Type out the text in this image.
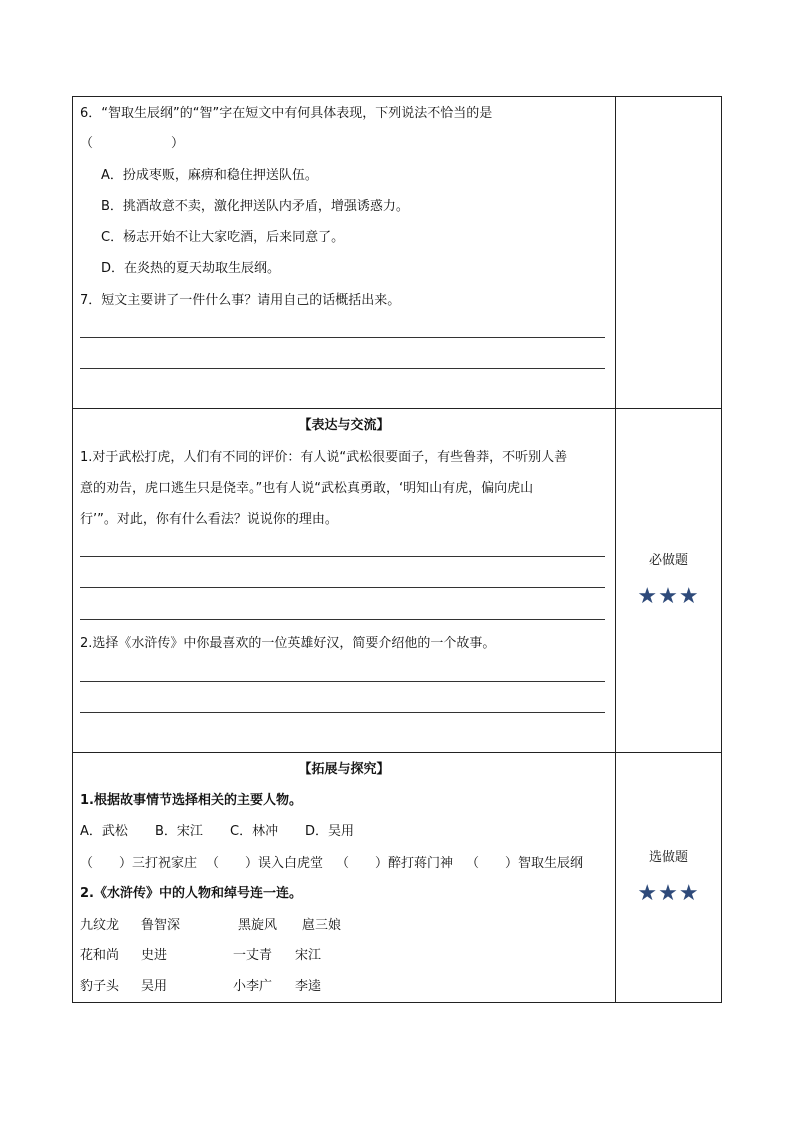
6．“智取生辰纲”的“智”字在短文中有何具体表现，下列说法不恰当的是
（　　　　　　）
A．扮成枣贩，麻痹和稳住押送队伍。
B．挑酒故意不卖，激化押送队内矛盾，增强诱惑力。
C．杨志开始不让大家吃酒，后来同意了。
D．在炎热的夏天劫取生辰纲。
7．短文主要讲了一件什么事？请用自己的话概括出来。
【表达与交流】
1.对于武松打虎，人们有不同的评价：有人说“武松很要面子，有些鲁莽，不听别人善
意的劝告，虎口逃生只是侥幸。”也有人说“武松真勇敢，‘明知山有虎，偏向虎山
行’”。对此，你有什么看法？说说你的理由。
2.选择《水浒传》中你最喜欢的一位英雄好汉，简要介绍他的一个故事。
必做题
★★★
【拓展与探究】
1.根据故事情节选择相关的主要人物。
A．武松 B．宋江 C．林冲 D．吴用
（　　）三打祝家庄 （　　）误入白虎堂 （　　）醉打蒋门神 （　　）智取生辰纲
2.《水浒传》中的人物和绰号连一连。
九纹龙 鲁智深	黑旋风 扈三娘
花和尚 史进	一丈青 宋江
豹子头 吴用	小李广 李逵
选做题
★★★
